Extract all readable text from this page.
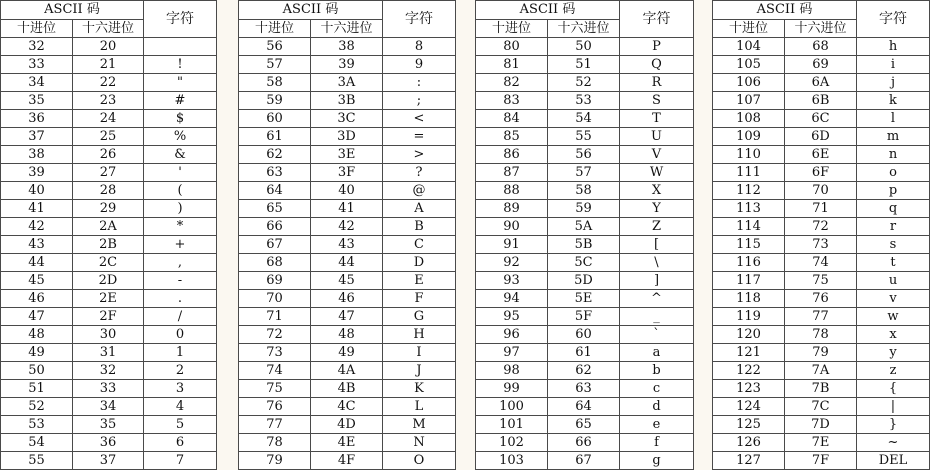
ASCII 码		字符
十进位	十六进位	
32	20	
33	21	!
34	22	"
35	23	#
36	24	$
37	25	%
38	26	&
39	27	'
40	28	(
41	29	)
42	2A	*
43	2B	+
44	2C	,
45	2D	-
46	2E	.
47	2F	/
48	30	0
49	31	1
50	32	2
51	33	3
52	34	4
53	35	5
54	36	6
55	37	7
ASCII 码		字符
十进位	十六进位	
56	38	8
57	39	9
58	3A	:
59	3B	;
60	3C	<
61	3D	=
62	3E	>
63	3F	?
64	40	@
65	41	A
66	42	B
67	43	C
68	44	D
69	45	E
70	46	F
71	47	G
72	48	H
73	49	I
74	4A	J
75	4B	K
76	4C	L
77	4D	M
78	4E	N
79	4F	O
ASCII 码		字符
十进位	十六进位	
80	50	P
81	51	Q
82	52	R
83	53	S
84	54	T
85	55	U
86	56	V
87	57	W
88	58	X
89	59	Y
90	5A	Z
91	5B	[
92	5C	\
93	5D	]
94	5E	^
95	5F	_
96	60	`
97	61	a
98	62	b
99	63	c
100	64	d
101	65	e
102	66	f
103	67	g
ASCII 码		字符
十进位	十六进位	
104	68	h
105	69	i
106	6A	j
107	6B	k
108	6C	l
109	6D	m
110	6E	n
111	6F	o
112	70	p
113	71	q
114	72	r
115	73	s
116	74	t
117	75	u
118	76	v
119	77	w
120	78	x
121	79	y
122	7A	z
123	7B	{
124	7C	|
125	7D	}
126	7E	~
127	7F	DEL
